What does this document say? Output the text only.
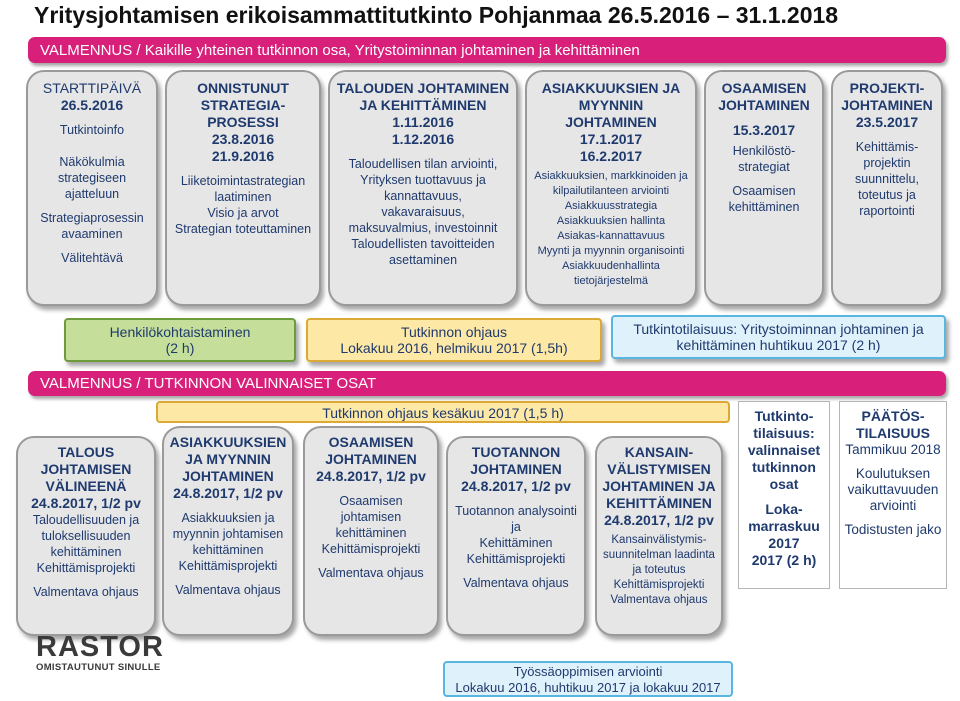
Yritysjohtamisen erikoisammattitutkinto Pohjanmaa 26.5.2016 – 31.1.2018
VALMENNUS / Kaikille yhteinen tutkinnon osa, Yritystoiminnan johtaminen ja kehittäminen
STARTTIPÄIVÄ
26.5.2016
Tutkintoinfo
Näkökulmia strategiseen ajatteluun
Strategiaprosessin avaaminen
Välitehtävä
ONNISTUNUT STRATEGIA-PROSESSI
23.8.2016
21.9.2016
Liiketoimintastrategian laatiminen
Visio ja arvot
Strategian toteuttaminen
TALOUDEN JOHTAMINEN JA KEHITTÄMINEN
1.11.2016
1.12.2016
Taloudellisen tilan arviointi,
Yrityksen tuottavuus ja kannattavuus,
vakavaraisuus,
maksuvalmius, investoinnit
Taloudellisten tavoitteiden asettaminen
ASIAKKUUKSIEN JA MYYNNIN JOHTAMINEN
17.1.2017
16.2.2017
Asiakkuuksien, markkinoiden ja kilpailutilanteen arviointi
Asiakkuusstrategia
Asiakkuuksien hallinta
Asiakas-kannattavuus
Myynti ja myynnin organisointi
Asiakkuudenhallinta tietojärjestelmä
OSAAMISEN JOHTAMINEN
15.3.2017
Henkilöstö-strategiat
Osaamisen kehittäminen
PROJEKTI-JOHTAMINEN
23.5.2017
Kehittämis-projektin suunnittelu, toteutus ja raportointi
Henkilökohtaistaminen
(2 h)
Tutkinnon ohjaus
Lokakuu 2016, helmikuu 2017 (1,5h)
Tutkintotilaisuus: Yritystoiminnan johtaminen ja
kehittäminen huhtikuu 2017 (2 h)
VALMENNUS / TUTKINNON VALINNAISET OSAT
Tutkinnon ohjaus kesäkuu 2017 (1,5 h)
TALOUS JOHTAMISEN VÄLINEENÄ
24.8.2017, 1/2 pv
Taloudellisuuden ja tuloksellisuuden kehittäminen
Kehittämisprojekti
Valmentava ohjaus
ASIAKKUUKSIEN JA MYYNNIN JOHTAMINEN
24.8.2017, 1/2 pv
Asiakkuuksien ja myynnin johtamisen kehittäminen
Kehittämisprojekti
Valmentava ohjaus
OSAAMISEN JOHTAMINEN
24.8.2017, 1/2 pv
Osaamisen johtamisen kehittäminen
Kehittämisprojekti
Valmentava ohjaus
TUOTANNON JOHTAMINEN
24.8.2017, 1/2 pv
Tuotannon analysointi ja
Kehittäminen
Kehittämisprojekti
Valmentava ohjaus
KANSAIN-VÄLISTYMISEN JOHTAMINEN JA KEHITTÄMINEN
24.8.2017, 1/2 pv
Kansainvälistymis-suunnitelman laadinta ja toteutus
Kehittämisprojekti
Valmentava ohjaus
Tutkinto-tilaisuus: valinnaiset tutkinnon osat
Loka-marraskuu 2017
2017 (2 h)
PÄÄTÖS-TILAISUUS
Tammikuu 2018
Koulutuksen vaikuttavuuden arviointi
Todistusten jako
Työssäoppimisen arviointi
Lokakuu 2016, huhtikuu 2017 ja lokakuu 2017
RASTOR
OMISTAUTUNUT SINULLE
